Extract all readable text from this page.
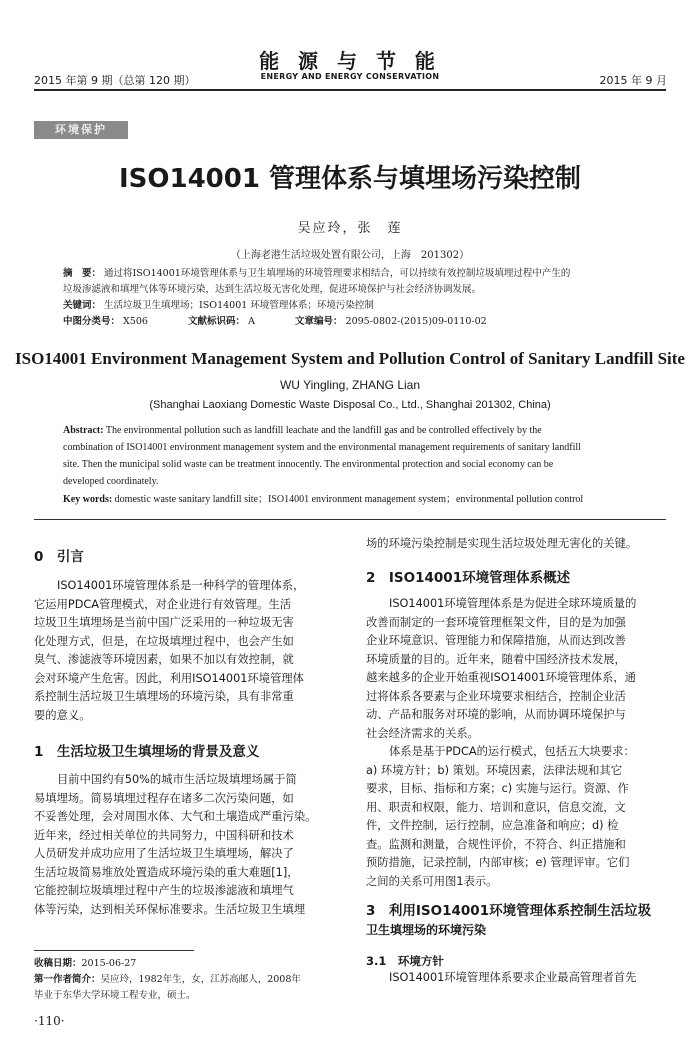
2015 年第 9 期（总第 120 期）
能 源 与 节 能
ENERGY AND ENERGY CONSERVATION	2015 年 9 月
环境保护
ISO14001 管理体系与填埋场污染控制
吴应玲，张　莲
（上海老港生活垃圾处置有限公司，上海　201302）
摘　要： 通过将ISO14001环境管理体系与卫生填埋场的环境管理要求相结合，可以持续有效控制垃圾填埋过程中产生的
垃圾渗滤液和填埋气体等环境污染，达到生活垃圾无害化处理，促进环境保护与社会经济协调发展。
关键词： 生活垃圾卫生填埋场；ISO14001 环境管理体系；环境污染控制
中图分类号： X506	文献标识码： A	文章编号： 2095-0802-(2015)09-0110-02
ISO14001 Environment Management System and Pollution Control of Sanitary Landfill Site
WU Yingling, ZHANG Lian
(Shanghai Laoxiang Domestic Waste Disposal Co., Ltd., Shanghai 201302, China)
Abstract: The environmental pollution such as landfill leachate and the landfill gas and be controlled effectively by the
combination of ISO14001 environment management system and the environmental management requirements of sanitary landfill
site. Then the municipal solid waste can be treatment innocently. The environmental protection and social economy can be
developed coordinately.
Key words: domestic waste sanitary landfill site；ISO14001 environment management system；environmental pollution control
0　引言
ISO14001环境管理体系是一种科学的管理体系，
它运用PDCA管理模式，对企业进行有效管理。生活
垃圾卫生填埋场是当前中国广泛采用的一种垃圾无害
化处理方式，但是，在垃圾填埋过程中，也会产生如
臭气、渗滤液等环境因素，如果不加以有效控制，就
会对环境产生危害。因此，利用ISO14001环境管理体
系控制生活垃圾卫生填埋场的环境污染，具有非常重
要的意义。
1　生活垃圾卫生填埋场的背景及意义
目前中国约有50%的城市生活垃圾填埋场属于简
易填埋场。简易填埋过程存在诸多二次污染问题，如
不妥善处理，会对周围水体、大气和土壤造成严重污染。
近年来，经过相关单位的共同努力，中国科研和技术
人员研发并成功应用了生活垃圾卫生填埋场，解决了
生活垃圾简易堆放处置造成环境污染的重大难题[1]，
它能控制垃圾填埋过程中产生的垃圾渗滤液和填埋气
体等污染，达到相关环保标准要求。生活垃圾卫生填埋
收稿日期：2015-06-27
第一作者简介：吴应玲，1982年生，女，江苏高邮人，2008年
毕业于东华大学环境工程专业，硕士。
·110·
场的环境污染控制是实现生活垃圾处理无害化的关键。
2　ISO14001环境管理体系概述
ISO14001环境管理体系是为促进全球环境质量的
改善而制定的一套环境管理框架文件，目的是为加强
企业环境意识、管理能力和保障措施，从而达到改善
环境质量的目的。近年来，随着中国经济技术发展，
越来越多的企业开始重视ISO14001环境管理体系，通
过将体系各要素与企业环境要求相结合，控制企业活
动、产品和服务对环境的影响，从而协调环境保护与
社会经济需求的关系。
体系是基于PDCA的运行模式，包括五大块要求：
a) 环境方针；b) 策划。环境因素，法律法规和其它
要求，目标、指标和方案；c) 实施与运行。资源、作
用、职责和权限，能力、培训和意识，信息交流，文
件，文件控制，运行控制，应急准备和响应；d) 检
查。监测和测量，合规性评价，不符合、纠正措施和
预防措施，记录控制，内部审核；e) 管理评审。它们
之间的关系可用图1表示。
3　利用ISO14001环境管理体系控制生活垃圾
卫生填埋场的环境污染
3.1　环境方针
ISO14001环境管理体系要求企业最高管理者首先
